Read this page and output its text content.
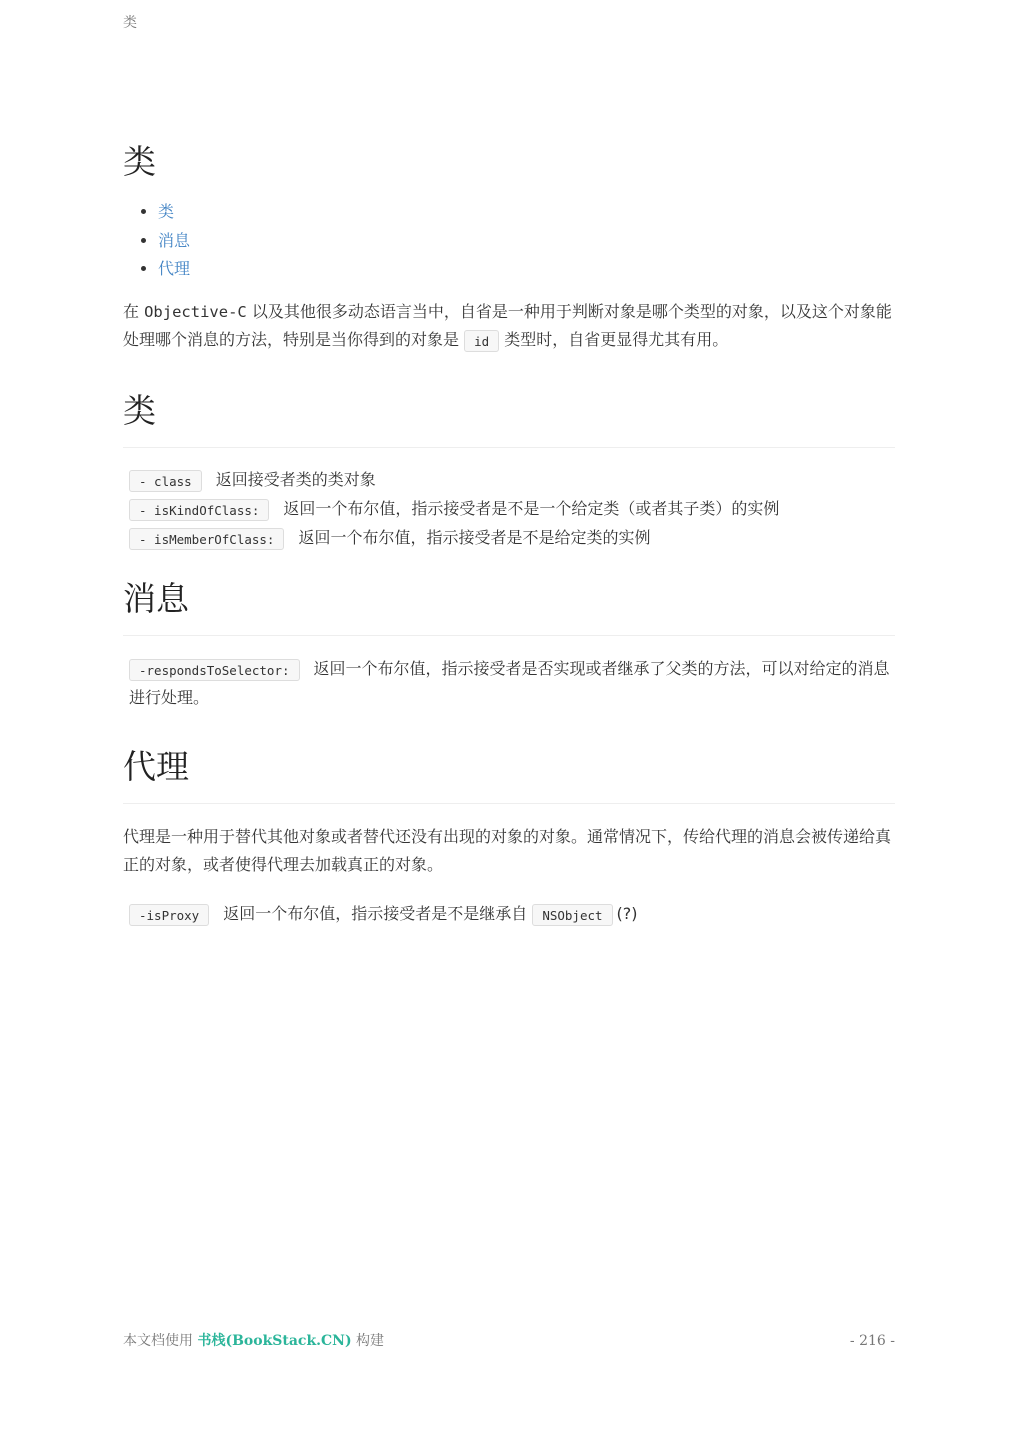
类
类
• 类
• 消息
• 代理

在 Objective-C 以及其他很多动态语言当中，自省是一种用于判断对象是哪个类型的对象，以及这个对象能处理哪个消息的方法，特别是当你得到的对象是 id 类型时，自省更显得尤其有用。

类

- class 返回接受者类的类对象

- isKindOfClass: 返回一个布尔值，指示接受者是不是一个给定类（或者其子类）的实例

- isMemberOfClass: 返回一个布尔值，指示接受者是不是给定类的实例

消息

-respondsToSelector: 返回一个布尔值，指示接受者是否实现或者继承了父类的方法，可以对给定的消息进行处理。

代理

代理是一种用于替代其他对象或者替代还没有出现的对象的对象。通常情况下，传给代理的消息会被传递给真正的对象，或者使得代理去加载真正的对象。

-isProxy 返回一个布尔值，指示接受者是不是继承自 NSObject (?)

本文档使用 书栈(BookStack.CN) 构建	- 216 -
